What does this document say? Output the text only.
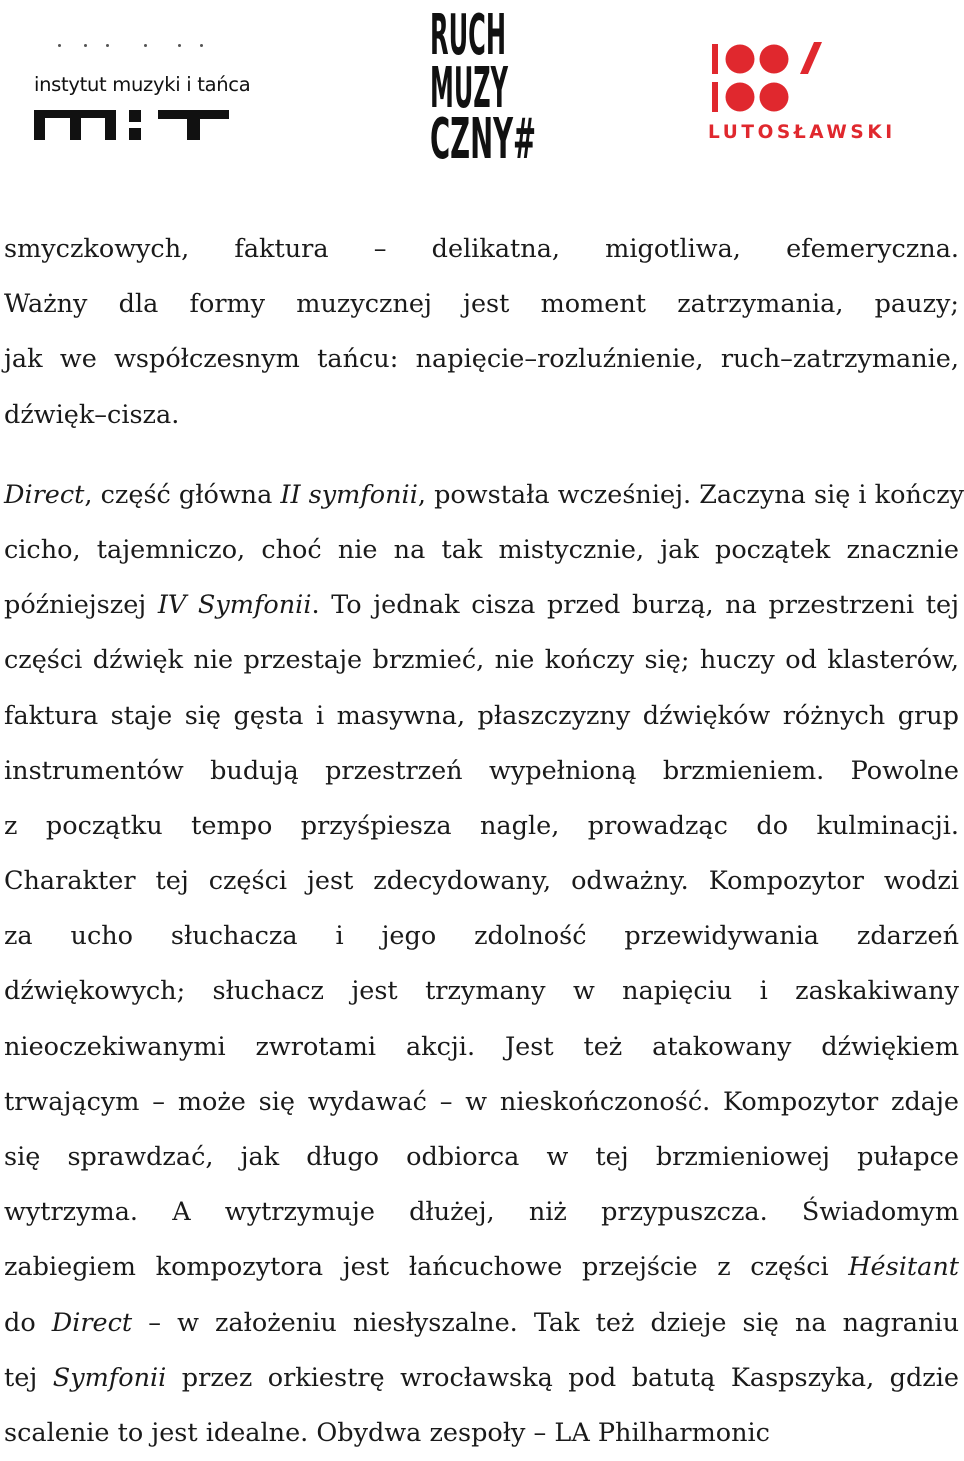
instytut muzyki i tańca
RUCH
MUZY
CZNY#	LUTOSŁAWSKI
smyczkowych, faktura – delikatna, migotliwa, efemeryczna.
Ważny dla formy muzycznej jest moment zatrzymania, pauzy;
jak we współczesnym tańcu: napięcie–rozluźnienie, ruch–zatrzymanie,
dźwięk–cisza.
Direct, część główna II symfonii, powstała wcześniej. Zaczyna się i kończy
cicho, tajemniczo, choć nie na tak mistycznie, jak początek znacznie
późniejszej IV Symfonii. To jednak cisza przed burzą, na przestrzeni tej
części dźwięk nie przestaje brzmieć, nie kończy się; huczy od klasterów,
faktura staje się gęsta i masywna, płaszczyzny dźwięków różnych grup
instrumentów budują przestrzeń wypełnioną brzmieniem. Powolne
z początku tempo przyśpiesza nagle, prowadząc do kulminacji.
Charakter tej części jest zdecydowany, odważny. Kompozytor wodzi
za ucho słuchacza i jego zdolność przewidywania zdarzeń
dźwiękowych; słuchacz jest trzymany w napięciu i zaskakiwany
nieoczekiwanymi zwrotami akcji. Jest też atakowany dźwiękiem
trwającym – może się wydawać – w nieskończoność. Kompozytor zdaje
się sprawdzać, jak długo odbiorca w tej brzmieniowej pułapce
wytrzyma. A wytrzymuje dłużej, niż przypuszcza. Świadomym
zabiegiem kompozytora jest łańcuchowe przejście z części Hésitant
do Direct – w założeniu niesłyszalne. Tak też dzieje się na nagraniu
tej Symfonii przez orkiestrę wrocławską pod batutą Kaspszyka, gdzie
scalenie to jest idealne. Obydwa zespoły – LA Philharmonic
